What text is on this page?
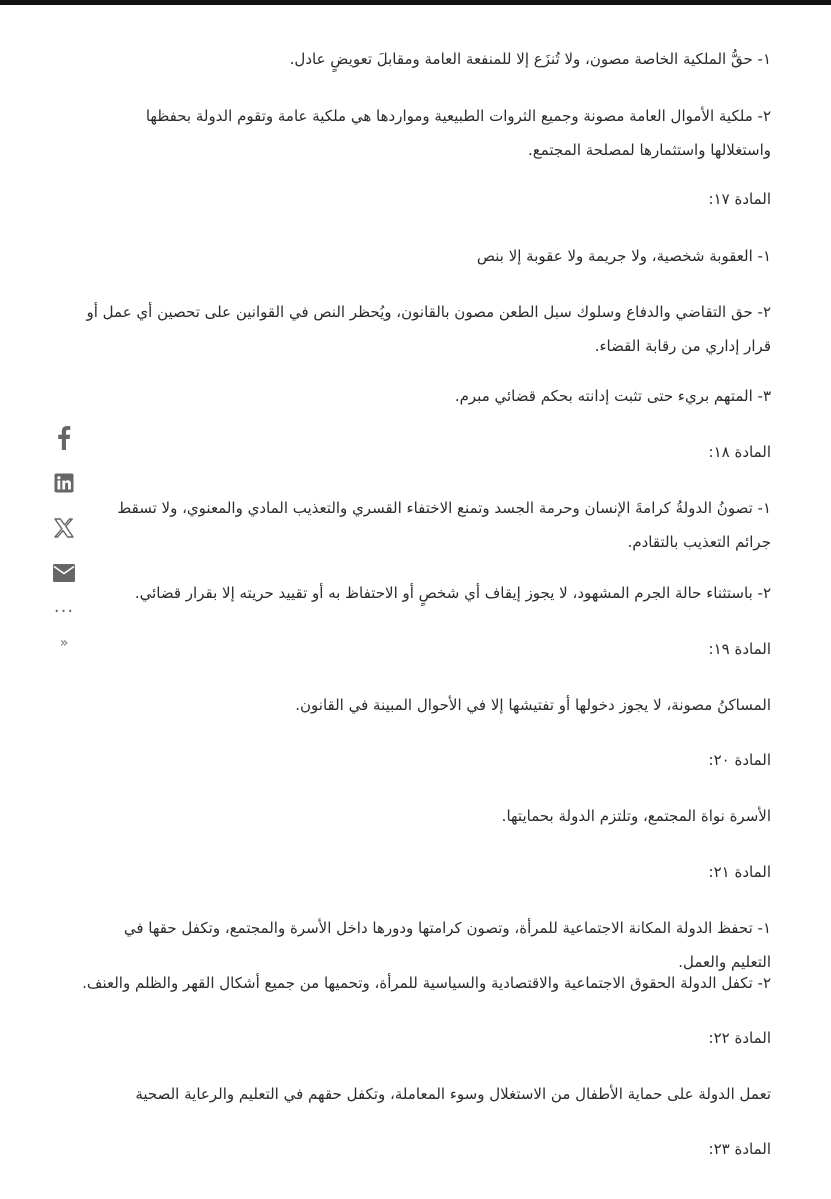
١- حقُّ الملكية الخاصة مصون، ولا تُنزَع إلا للمنفعة العامة ومقابلَ تعويضٍ عادل.

٢- ملكية الأموال العامة مصونة وجميع الثروات الطبيعية ومواردها هي ملكية عامة وتقوم الدولة بحفظها واستغلالها واستثمارها لمصلحة المجتمع.

المادة ١٧:

١- العقوبة شخصية، ولا جريمة ولا عقوبة إلا بنص

٢- حق التقاضي والدفاع وسلوك سبل الطعن مصون بالقانون، ويُحظر النص في القوانين على تحصين أي عمل أو قرار إداري من رقابة القضاء.

٣- المتهم بريء حتى تثبت إدانته بحكم قضائي مبرم.

المادة ١٨:

١- تصونُ الدولةُ كرامةَ الإنسان وحرمة الجسد وتمنع الاختفاء القسري والتعذيب المادي والمعنوي، ولا تسقط جرائم التعذيب بالتقادم.

٢- باستثناء حالة الجرم المشهود، لا يجوز إيقاف أي شخصٍ أو الاحتفاظ به أو تقييد حريته إلا بقرار قضائي.

المادة ١٩:

المساكنُ مصونة، لا يجوز دخولها أو تفتيشها إلا في الأحوال المبينة في القانون.

المادة ٢٠:

الأسرة نواة المجتمع، وتلتزم الدولة بحمايتها.

المادة ٢١:

١- تحفظ الدولة المكانة الاجتماعية للمرأة، وتصون كرامتها ودورها داخل الأسرة والمجتمع، وتكفل حقها في التعليم والعمل.

٢- تكفل الدولة الحقوق الاجتماعية والاقتصادية والسياسية للمرأة، وتحميها من جميع أشكال القهر والظلم والعنف.

المادة ٢٢:

تعمل الدولة على حماية الأطفال من الاستغلال وسوء المعاملة، وتكفل حقهم في التعليم والرعاية الصحية

المادة ٢٣:

...
»
